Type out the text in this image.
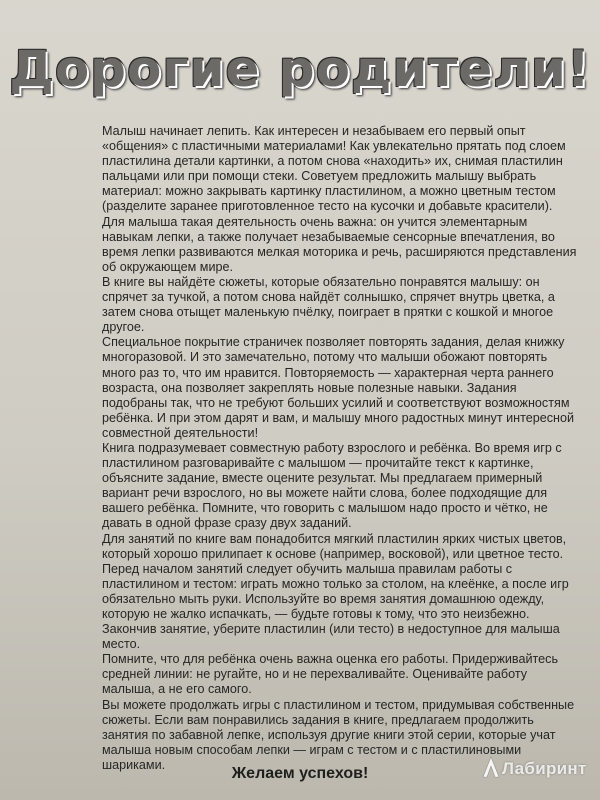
Дорогие родители!

Малыш начинает лепить. Как интересен и незабываем его первый опыт «общения» с пластичными материалами! Как увлекательно прятать под слоем пластилина детали картинки, а потом снова «находить» их, снимая пластилин пальцами или при помощи стеки. Советуем предложить малышу выбрать материал: можно закрывать картинку пластилином, а можно цветным тестом (разделите заранее приготовленное тесто на кусочки и добавьте красители).

Для малыша такая деятельность очень важна: он учится элементарным навыкам лепки, а также получает незабываемые сенсорные впечатления, во время лепки развиваются мелкая моторика и речь, расширяются представления об окружающем мире.

В книге вы найдёте сюжеты, которые обязательно понравятся малышу: он спрячет за тучкой, а потом снова найдёт солнышко, спрячет внутрь цветка, а затем снова отыщет маленькую пчёлку, поиграет в прятки с кошкой и многое другое.

Специальное покрытие страничек позволяет повторять задания, делая книжку многоразовой. И это замечательно, потому что малыши обожают повторять много раз то, что им нравится. Повторяемость — характерная черта раннего возраста, она позволяет закреплять новые полезные навыки. Задания подобраны так, что не требуют больших усилий и соответствуют возможностям ребёнка. И при этом дарят и вам, и малышу много радостных минут интересной совместной деятельности!

Книга подразумевает совместную работу взрослого и ребёнка. Во время игр с пластилином разговаривайте с малышом — прочитайте текст к картинке, объясните задание, вместе оцените результат. Мы предлагаем примерный вариант речи взрослого, но вы можете найти слова, более подходящие для вашего ребёнка. Помните, что говорить с малышом надо просто и чётко, не давать в одной фразе сразу двух заданий.

Для занятий по книге вам понадобится мягкий пластилин ярких чистых цветов, который хорошо прилипает к основе (например, восковой), или цветное тесто. Перед началом занятий следует обучить малыша правилам работы с пластилином и тестом: играть можно только за столом, на клеёнке, а после игр обязательно мыть руки. Используйте во время занятия домашнюю одежду, которую не жалко испачкать, — будьте готовы к тому, что это неизбежно. Закончив занятие, уберите пластилин (или тесто) в недоступное для малыша место.

Помните, что для ребёнка очень важна оценка его работы. Придерживайтесь средней линии: не ругайте, но и не перехваливайте. Оценивайте работу малыша, а не его самого.

Вы можете продолжать игры с пластилином и тестом, придумывая собственные сюжеты. Если вам понравились задания в книге, предлагаем продолжить занятия по забавной лепке, используя другие книги этой серии, которые учат малыша новым способам лепки — играм с тестом и с пластилиновыми шариками.

Желаем успехов!	Лабиринт
